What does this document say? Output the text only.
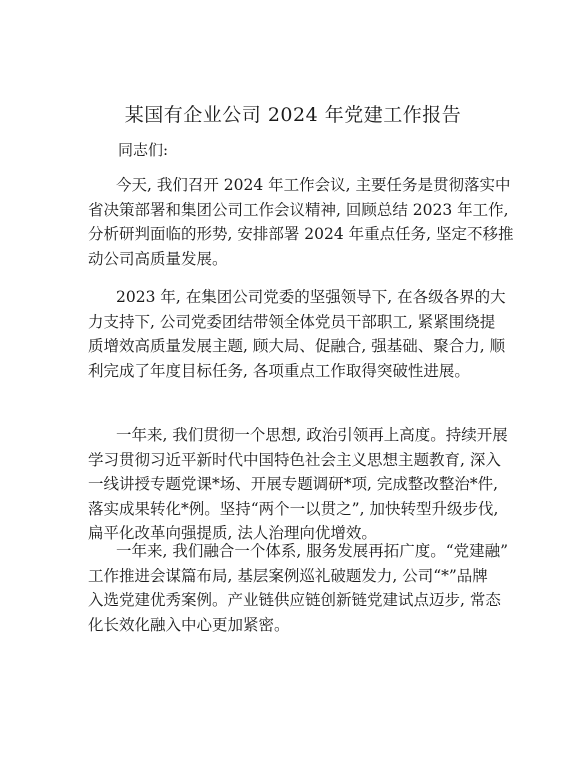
某国有企业公司 2024 年党建工作报告
同志们:
今天, 我们召开 2024 年工作会议, 主要任务是贯彻落实中
省决策部署和集团公司工作会议精神, 回顾总结 2023 年工作,
分析研判面临的形势, 安排部署 2024 年重点任务, 坚定不移推
动公司高质量发展。
2023 年, 在集团公司党委的坚强领导下, 在各级各界的大
力支持下, 公司党委团结带领全体党员干部职工, 紧紧围绕提
质增效高质量发展主题, 顾大局、促融合, 强基础、聚合力, 顺
利完成了年度目标任务, 各项重点工作取得突破性进展。
一年来, 我们贯彻一个思想, 政治引领再上高度。持续开展
学习贯彻习近平新时代中国特色社会主义思想主题教育, 深入
一线讲授专题党课*场、开展专题调研*项, 完成整改整治*件,
落实成果转化*例。坚持“两个一以贯之”, 加快转型升级步伐,
扁平化改革向强提质, 法人治理向优增效。
一年来, 我们融合一个体系, 服务发展再拓广度。“党建融”
工作推进会谋篇布局, 基层案例巡礼破题发力, 公司“*”品牌
入选党建优秀案例。产业链供应链创新链党建试点迈步, 常态
化长效化融入中心更加紧密。
